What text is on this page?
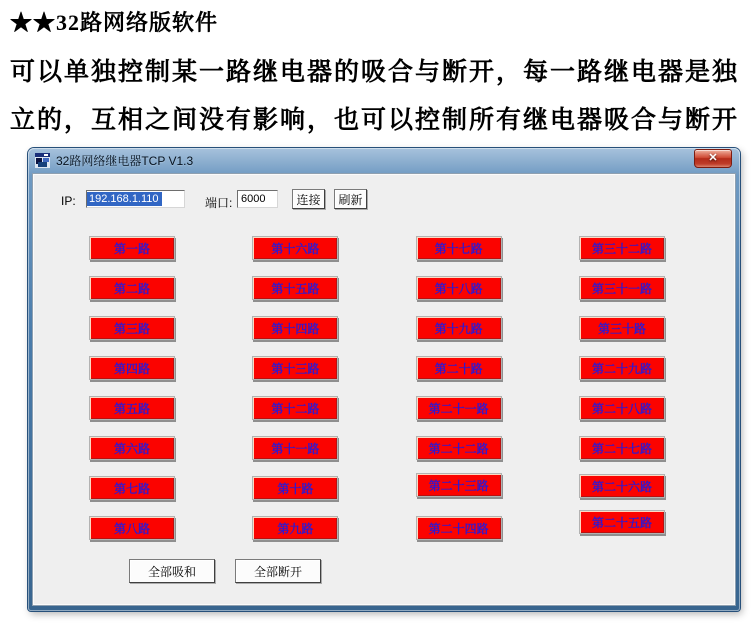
★★32路网络版软件
可以单独控制某一路继电器的吸合与断开，每一路继电器是独
立的，互相之间没有影响，也可以控制所有继电器吸合与断开
32路网络继电器TCP V1.3	✕
IP: 192.168.1.110	端口: 6000	连接	刷新
第一路
第二路
第三路
第四路
第五路
第六路
第七路
第八路
第十六路
第十五路
第十四路
第十三路
第十二路
第十一路
第十路
第九路
第十七路
第十八路
第十九路
第二十路
第二十一路
第二十二路
第二十三路
第二十四路
第三十二路
第三十一路
第三十路
第二十九路
第二十八路
第二十七路
第二十六路
第二十五路
全部吸和	全部断开
